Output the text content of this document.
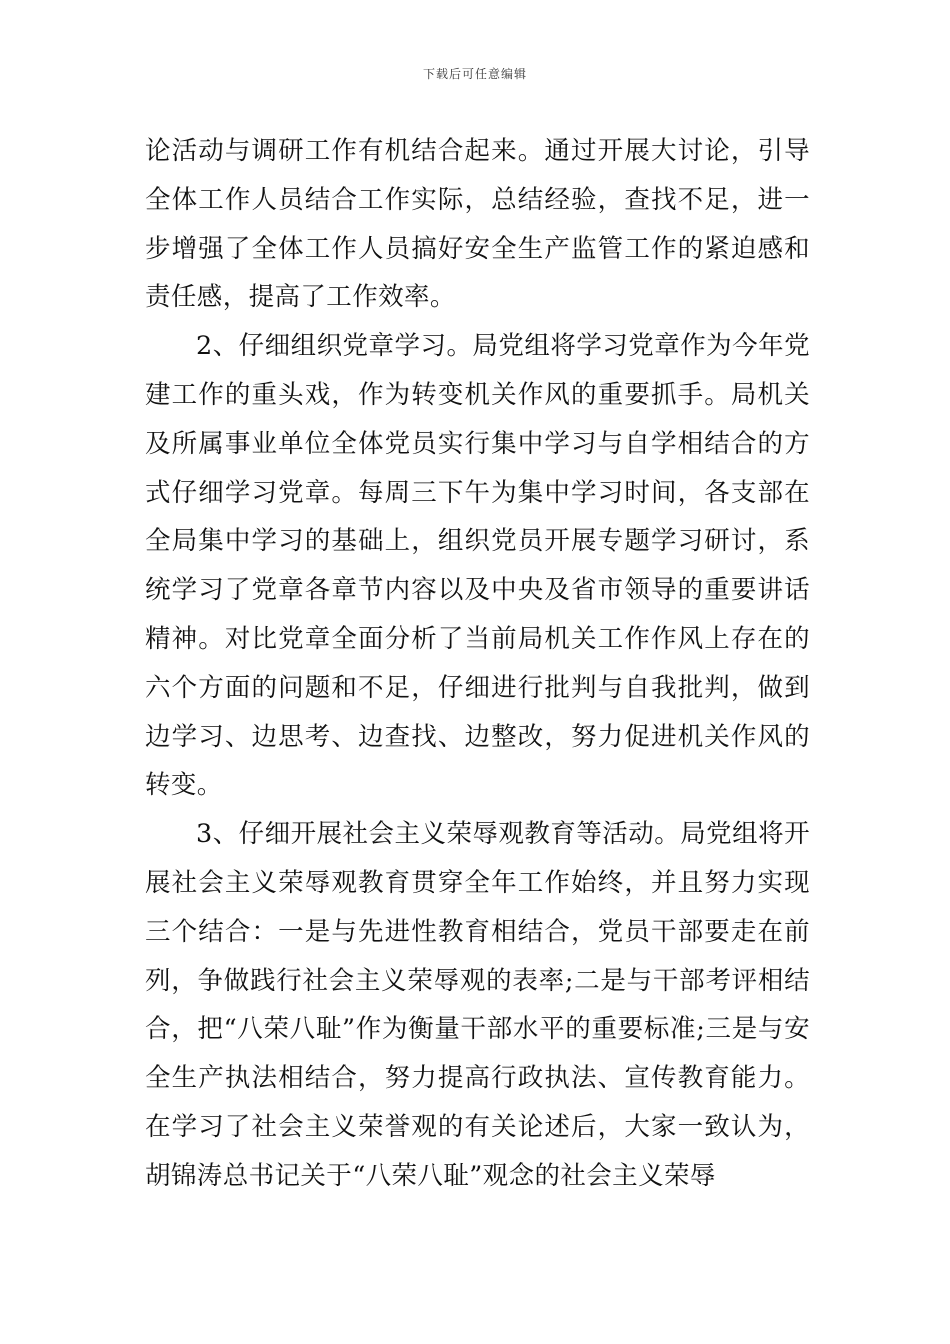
下载后可任意编辑

论活动与调研工作有机结合起来。通过开展大讨论，引导全体工作人员结合工作实际，总结经验，查找不足，进一步增强了全体工作人员搞好安全生产监管工作的紧迫感和责任感，提高了工作效率。

2、仔细组织党章学习。局党组将学习党章作为今年党建工作的重头戏，作为转变机关作风的重要抓手。局机关及所属事业单位全体党员实行集中学习与自学相结合的方式仔细学习党章。每周三下午为集中学习时间，各支部在全局集中学习的基础上，组织党员开展专题学习研讨，系统学习了党章各章节内容以及中央及省市领导的重要讲话精神。对比党章全面分析了当前局机关工作作风上存在的六个方面的问题和不足，仔细进行批判与自我批判，做到边学习、边思考、边查找、边整改，努力促进机关作风的转变。

3、仔细开展社会主义荣辱观教育等活动。局党组将开展社会主义荣辱观教育贯穿全年工作始终，并且努力实现三个结合：一是与先进性教育相结合，党员干部要走在前列，争做践行社会主义荣辱观的表率;二是与干部考评相结合，把“八荣八耻”作为衡量干部水平的重要标准;三是与安全生产执法相结合，努力提高行政执法、宣传教育能力。在学习了社会主义荣誉观的有关论述后，大家一致认为，胡锦涛总书记关于“八荣八耻”观念的社会主义荣辱
